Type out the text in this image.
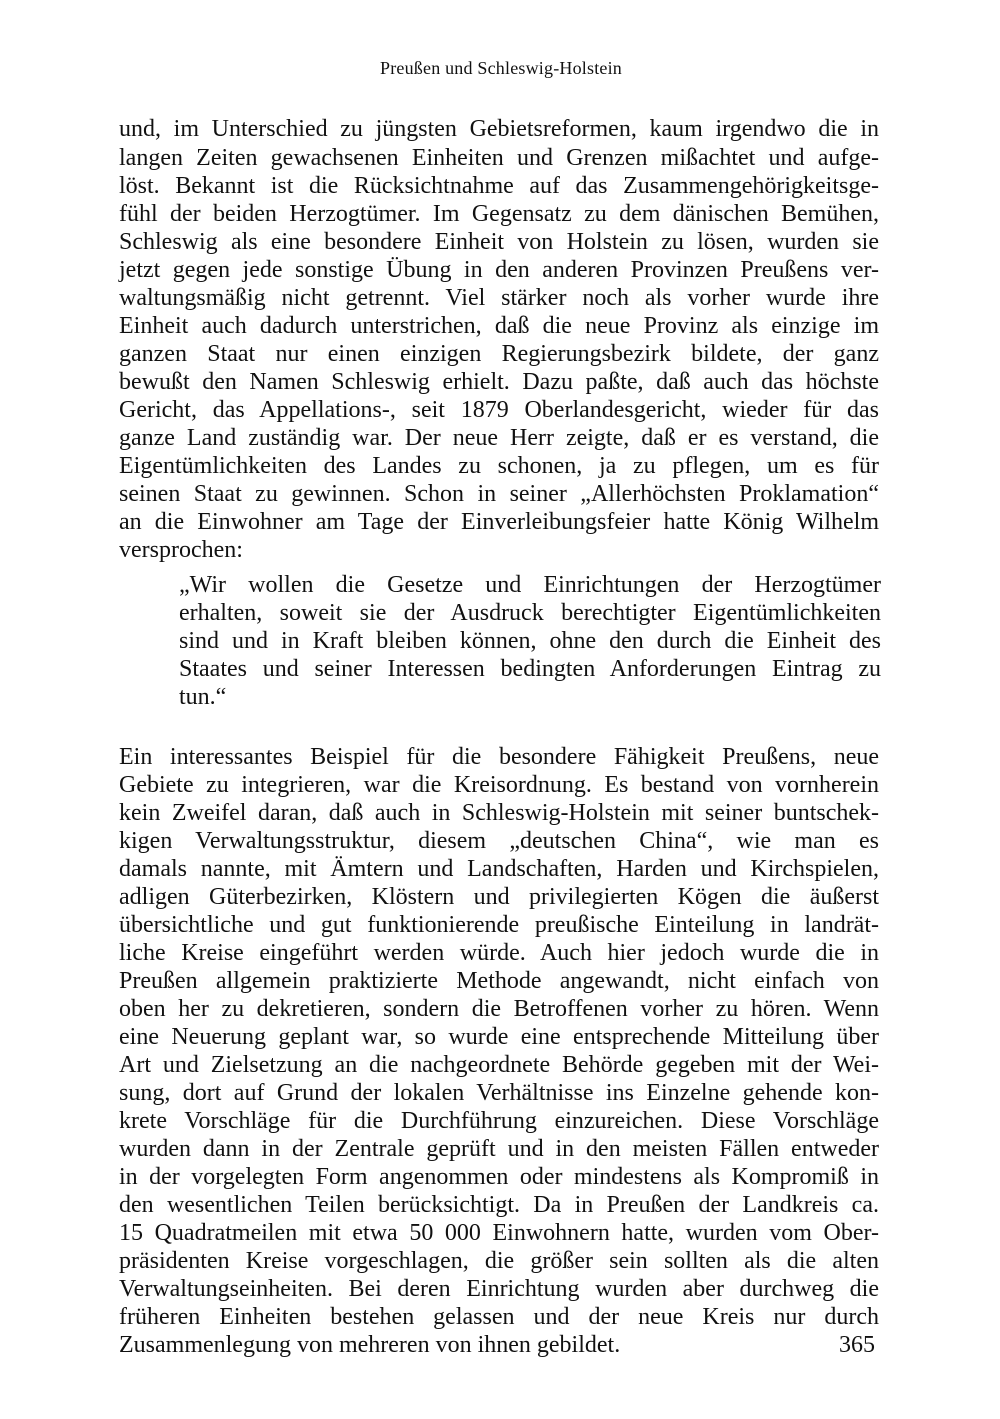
Preußen und Schleswig-Holstein
und, im Unterschied zu jüngsten Gebietsreformen, kaum irgendwo die in
langen Zeiten gewachsenen Einheiten und Grenzen mißachtet und aufge-
löst. Bekannt ist die Rücksichtnahme auf das Zusammengehörigkeitsge-
fühl der beiden Herzogtümer. Im Gegensatz zu dem dänischen Bemühen,
Schleswig als eine besondere Einheit von Holstein zu lösen, wurden sie
jetzt gegen jede sonstige Übung in den anderen Provinzen Preußens ver-
waltungsmäßig nicht getrennt. Viel stärker noch als vorher wurde ihre
Einheit auch dadurch unterstrichen, daß die neue Provinz als einzige im
ganzen Staat nur einen einzigen Regierungsbezirk bildete, der ganz
bewußt den Namen Schleswig erhielt. Dazu paßte, daß auch das höchste
Gericht, das Appellations-, seit 1879 Oberlandesgericht, wieder für das
ganze Land zuständig war. Der neue Herr zeigte, daß er es verstand, die
Eigentümlichkeiten des Landes zu schonen, ja zu pflegen, um es für
seinen Staat zu gewinnen. Schon in seiner „Allerhöchsten Proklamation“
an die Einwohner am Tage der Einverleibungsfeier hatte König Wilhelm
versprochen:
„Wir wollen die Gesetze und Einrichtungen der Herzogtümer
erhalten, soweit sie der Ausdruck berechtigter Eigentümlichkeiten
sind und in Kraft bleiben können, ohne den durch die Einheit des
Staates und seiner Interessen bedingten Anforderungen Eintrag zu
tun.“
Ein interessantes Beispiel für die besondere Fähigkeit Preußens, neue
Gebiete zu integrieren, war die Kreisordnung. Es bestand von vornherein
kein Zweifel daran, daß auch in Schleswig-Holstein mit seiner buntschek-
kigen Verwaltungsstruktur, diesem „deutschen China“, wie man es
damals nannte, mit Ämtern und Landschaften, Harden und Kirchspielen,
adligen Güterbezirken, Klöstern und privilegierten Kögen die äußerst
übersichtliche und gut funktionierende preußische Einteilung in landrät-
liche Kreise eingeführt werden würde. Auch hier jedoch wurde die in
Preußen allgemein praktizierte Methode angewandt, nicht einfach von
oben her zu dekretieren, sondern die Betroffenen vorher zu hören. Wenn
eine Neuerung geplant war, so wurde eine entsprechende Mitteilung über
Art und Zielsetzung an die nachgeordnete Behörde gegeben mit der Wei-
sung, dort auf Grund der lokalen Verhältnisse ins Einzelne gehende kon-
krete Vorschläge für die Durchführung einzureichen. Diese Vorschläge
wurden dann in der Zentrale geprüft und in den meisten Fällen entweder
in der vorgelegten Form angenommen oder mindestens als Kompromiß in
den wesentlichen Teilen berücksichtigt. Da in Preußen der Landkreis ca.
15 Quadratmeilen mit etwa 50 000 Einwohnern hatte, wurden vom Ober-
präsidenten Kreise vorgeschlagen, die größer sein sollten als die alten
Verwaltungseinheiten. Bei deren Einrichtung wurden aber durchweg die
früheren Einheiten bestehen gelassen und der neue Kreis nur durch
Zusammenlegung von mehreren von ihnen gebildet.	365
